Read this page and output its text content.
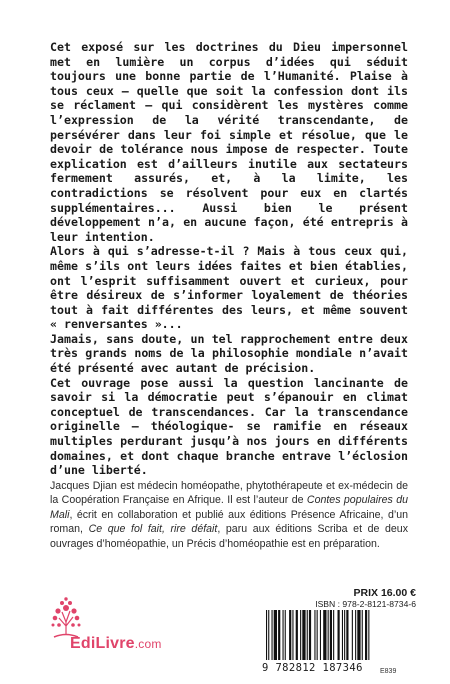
Cet exposé sur les doctrines du Dieu impersonnel met en lumière un corpus d’idées qui séduit toujours une bonne partie de l’Humanité. Plaise à tous ceux – quelle que soit la confession dont ils se réclament – qui considèrent les mystères comme l’expression de la vérité transcendante, de persévérer dans leur foi simple et résolue, que le devoir de tolérance nous impose de respecter. Toute explication est d’ailleurs inutile aux sectateurs fermement assurés, et, à la limite, les contradictions se résolvent pour eux en clartés supplémentaires... Aussi bien le présent développement n’a, en aucune façon, été entrepris à leur intention.

Alors à qui s’adresse-t-il ? Mais à tous ceux qui, même s’ils ont leurs idées faites et bien établies, ont l’esprit suffisamment ouvert et curieux, pour être désireux de s’informer loyalement de théories tout à fait différentes des leurs, et même souvent « renversantes »...

Jamais, sans doute, un tel rapprochement entre deux très grands noms de la philosophie mondiale n’avait été présenté avec autant de précision.

Cet ouvrage pose aussi la question lancinante de savoir si la démocratie peut s’épanouir en climat conceptuel de transcendances. Car la transcendance originelle – théologique- se ramifie en réseaux multiples perdurant jusqu’à nos jours en différents domaines, et dont chaque branche entrave l’éclosion d’une liberté.

Jacques Djian est médecin homéopathe, phytothérapeute et ex-médecin de la Coopération Française en Afrique. Il est l’auteur de Contes populaires du Mali, écrit en collaboration et publié aux éditions Présence Africaine, d’un roman, Ce que fol fait, rire défait, paru aux éditions Scriba et de deux ouvrages d’homéopathie, un Précis d’homéopathie est en préparation.

EdiLivre.com
PRIX 16.00 €
ISBN : 978-2-8121-8734-6
9 782812 187346	E839
